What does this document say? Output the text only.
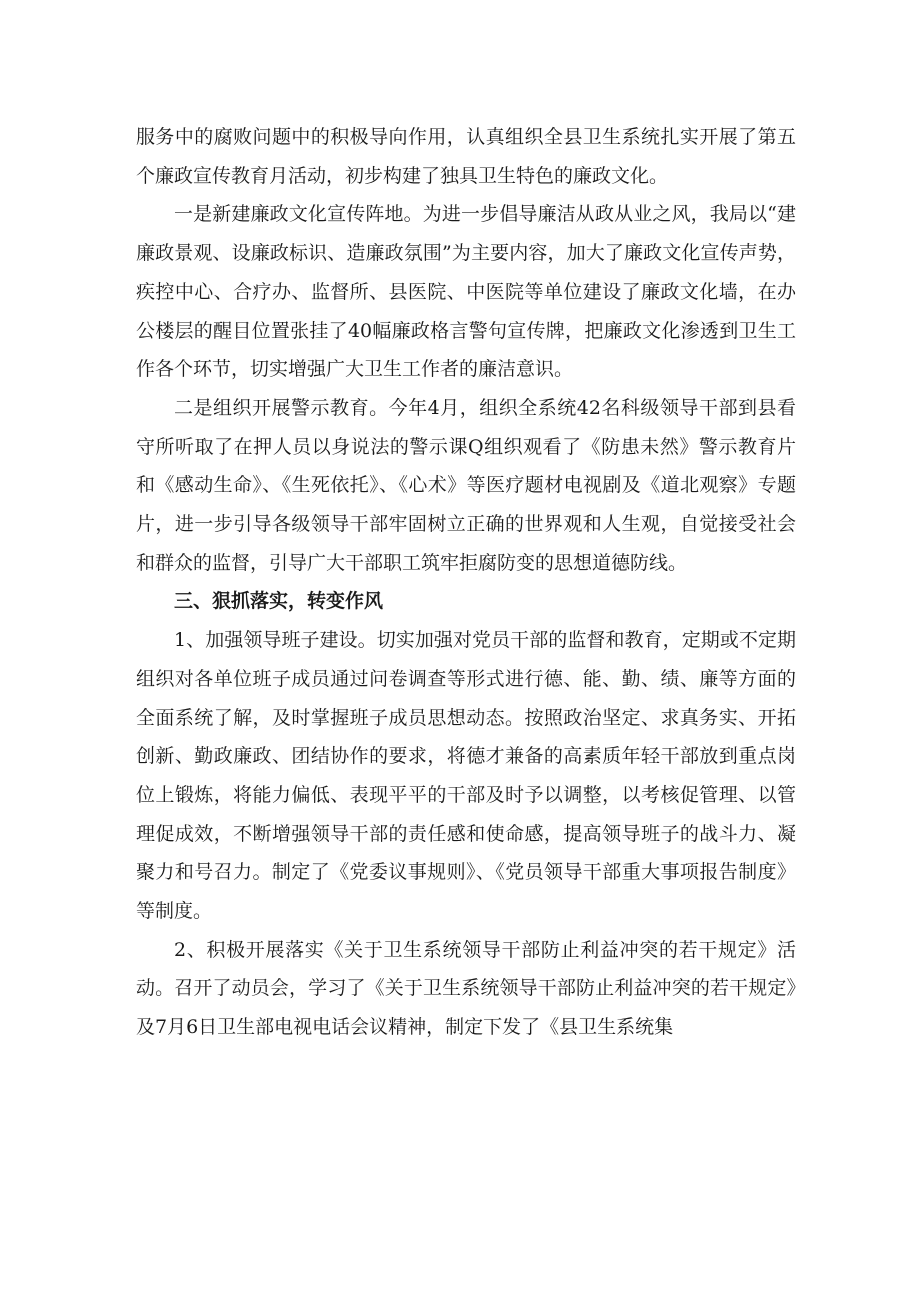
服务中的腐败问题中的积极导向作用，认真组织全县卫生系统扎实开展了第五个廉政宣传教育月活动，初步构建了独具卫生特色的廉政文化。

一是新建廉政文化宣传阵地。为进一步倡导廉洁从政从业之风，我局以“建廉政景观、设廉政标识、造廉政氛围”为主要内容，加大了廉政文化宣传声势，疾控中心、合疗办、监督所、县医院、中医院等单位建设了廉政文化墙，在办公楼层的醒目位置张挂了40幅廉政格言警句宣传牌，把廉政文化渗透到卫生工作各个环节，切实增强广大卫生工作者的廉洁意识。

二是组织开展警示教育。今年4月，组织全系统42名科级领导干部到县看守所听取了在押人员以身说法的警示课Q组织观看了《防患未然》警示教育片和《感动生命》、《生死依托》、《心术》等医疗题材电视剧及《道北观察》专题片，进一步引导各级领导干部牢固树立正确的世界观和人生观，自觉接受社会和群众的监督，引导广大干部职工筑牢拒腐防变的思想道德防线。

三、狠抓落实，转变作风

1、加强领导班子建设。切实加强对党员干部的监督和教育，定期或不定期组织对各单位班子成员通过问卷调查等形式进行德、能、勤、绩、廉等方面的全面系统了解，及时掌握班子成员思想动态。按照政治坚定、求真务实、开拓创新、勤政廉政、团结协作的要求，将德才兼备的高素质年轻干部放到重点岗位上锻炼，将能力偏低、表现平平的干部及时予以调整，以考核促管理、以管理促成效，不断增强领导干部的责任感和使命感，提高领导班子的战斗力、凝聚力和号召力。制定了《党委议事规则》、《党员领导干部重大事项报告制度》等制度。

2、积极开展落实《关于卫生系统领导干部防止利益冲突的若干规定》活动。召开了动员会，学习了《关于卫生系统领导干部防止利益冲突的若干规定》及7月6日卫生部电视电话会议精神，制定下发了《县卫生系统集
